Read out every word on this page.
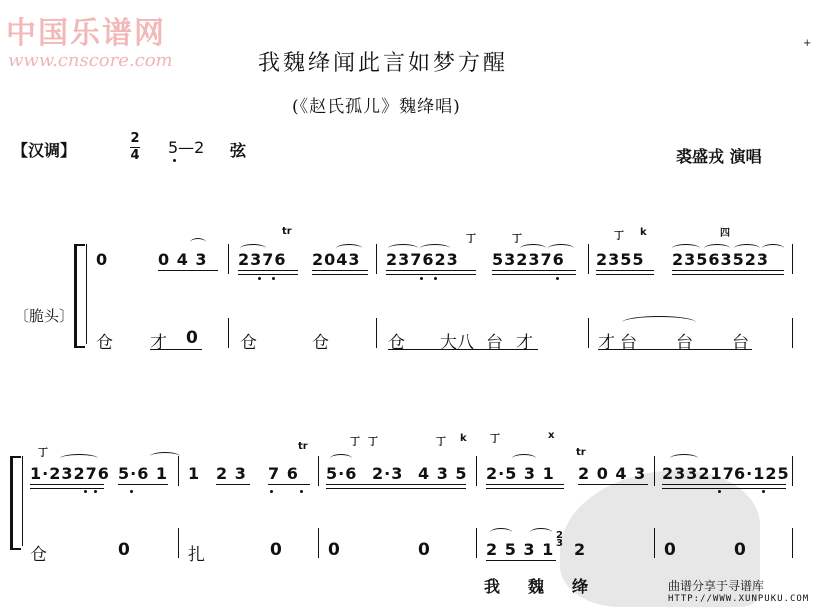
中国乐谱网
www.cnscore.com	我魏绛闻此言如梦方醒
(《赵氏孤儿》魏绛唱)
+
【汉调】
2
4 5—2 弦	裘盛戎 演唱
〔脆头〕
0	0 4 3 2376 2043 237623 532376 2355 23563523
tr
丁	丁	丁 k	四
仓 才 0 仓	仓	仓 大八 台 才	才 台 台 台
1·23276 5·6 1 1 2 3 7 6 5·6 2·3 4 3 5 2·5 3 1 2 0 4 3 233217 6·125
丁
tr	丁 丁	丁 k 丁	x
tr
仓	0	扎	0	0	0	2 5 3 1
2
3 2	0	0
我 魏 绛	曲谱分享于寻谱库
HTTP://WWW.XUNPUKU.COM
